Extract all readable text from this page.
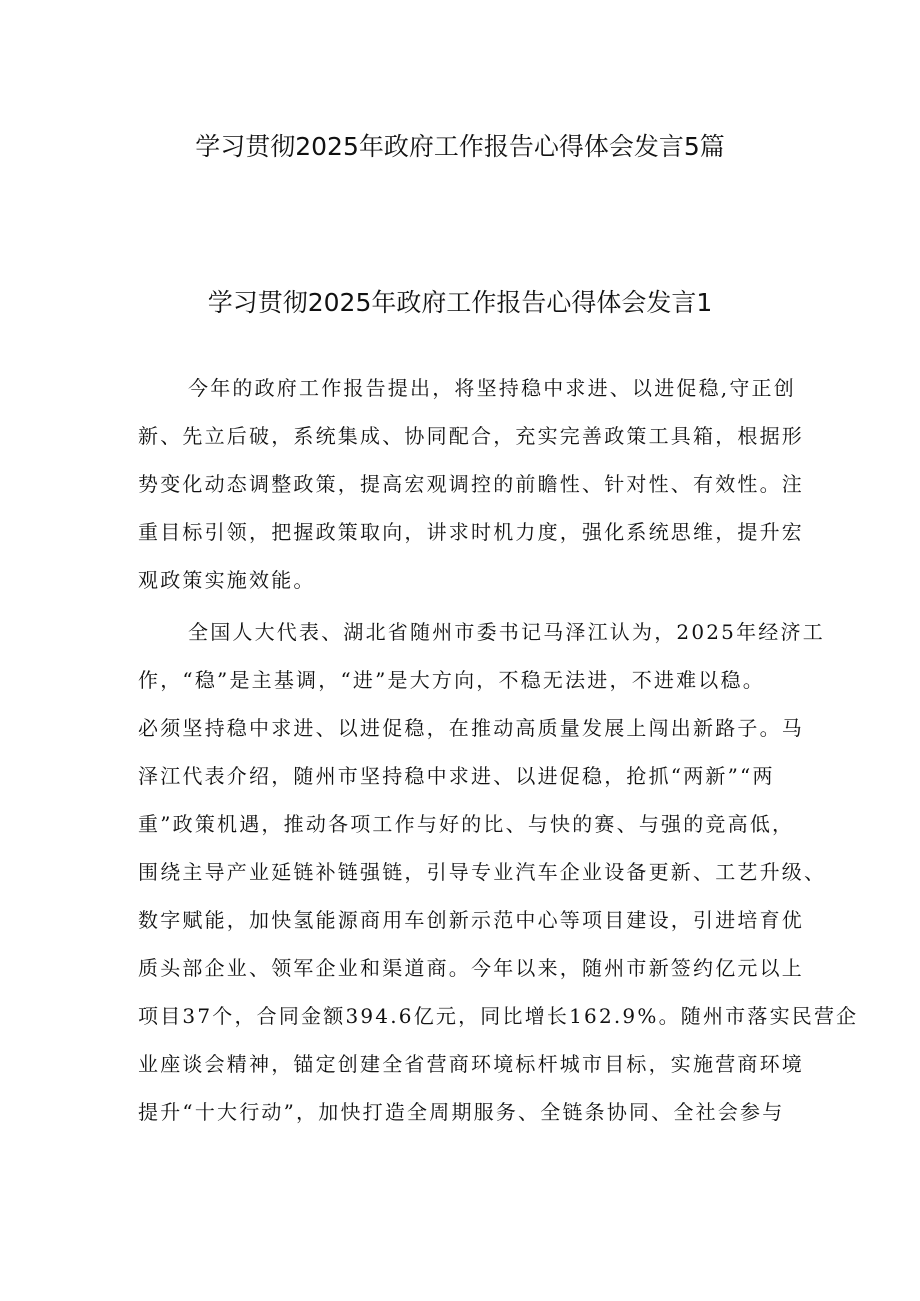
学习贯彻2025年政府工作报告心得体会发言5篇
学习贯彻2025年政府工作报告心得体会发言1
今年的政府工作报告提出，将坚持稳中求进、以进促稳,守正创
新、先立后破，系统集成、协同配合，充实完善政策工具箱，根据形
势变化动态调整政策，提高宏观调控的前瞻性、针对性、有效性。注
重目标引领，把握政策取向，讲求时机力度，强化系统思维，提升宏
观政策实施效能。
全国人大代表、湖北省随州市委书记马泽江认为，2025年经济工
作，“稳”是主基调，“进”是大方向，不稳无法进，不进难以稳。
必须坚持稳中求进、以进促稳，在推动高质量发展上闯出新路子。马
泽江代表介绍，随州市坚持稳中求进、以进促稳，抢抓“两新”“两
重”政策机遇，推动各项工作与好的比、与快的赛、与强的竞高低，
围绕主导产业延链补链强链，引导专业汽车企业设备更新、工艺升级、
数字赋能，加快氢能源商用车创新示范中心等项目建设，引进培育优
质头部企业、领军企业和渠道商。今年以来，随州市新签约亿元以上
项目37个，合同金额394.6亿元，同比增长162.9%。随州市落实民营企
业座谈会精神，锚定创建全省营商环境标杆城市目标，实施营商环境
提升“十大行动”，加快打造全周期服务、全链条协同、全社会参与
